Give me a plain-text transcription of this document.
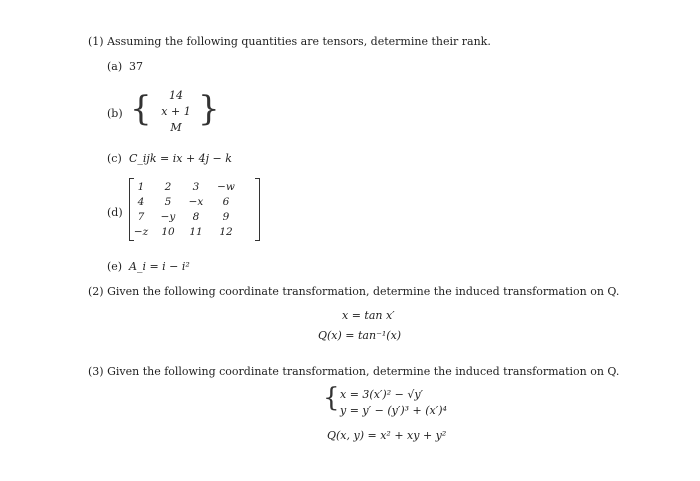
(1) Assuming the following quantities are tensors, determine their rank.
(a) 37
(b) {	14
x + 1
M }
(c) C_ijk = ix + 4j − k
(d)
1	2	3	−w
4	5	−x	6
7	−y	8	9
−z	10	11	12
(e) A_i = i − i²
(2) Given the following coordinate transformation, determine the induced transformation on Q.
x = tan x′
Q(x) = tan⁻¹(x)
(3) Given the following coordinate transformation, determine the induced transformation on Q.
{ x = 3(x′)² − √y′
y = y′ − (y′)³ + (x′)⁴
Q(x, y) = x² + xy + y²
